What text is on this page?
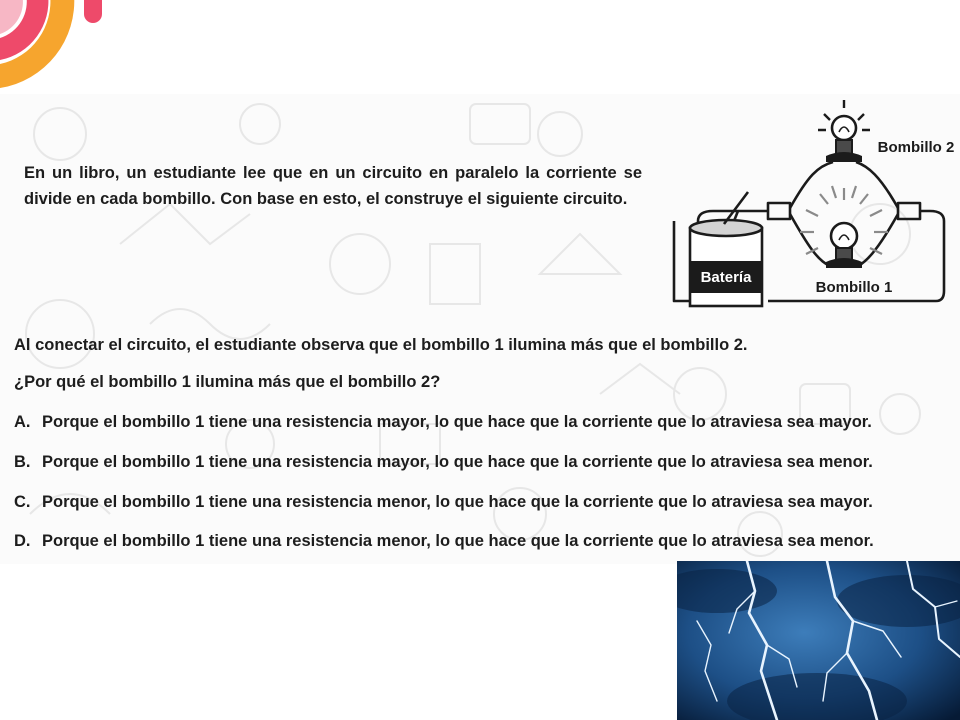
En un libro, un estudiante lee que en un circuito en paralelo la corriente se divide en cada bombillo. Con base en esto, el construye el siguiente circuito.

Batería
Bombillo 2
Bombillo 1

Al conectar el circuito, el estudiante observa que el bombillo 1 ilumina más que el bombillo 2.

¿Por qué el bombillo 1 ilumina más que el bombillo 2?

A. Porque el bombillo 1 tiene una resistencia mayor, lo que hace que la corriente que lo atraviesa sea mayor.
B. Porque el bombillo 1 tiene una resistencia mayor, lo que hace que la corriente que lo atraviesa sea menor.
C. Porque el bombillo 1 tiene una resistencia menor, lo que hace que la corriente que lo atraviesa sea mayor.
D. Porque el bombillo 1 tiene una resistencia menor, lo que hace que la corriente que lo atraviesa sea menor.
